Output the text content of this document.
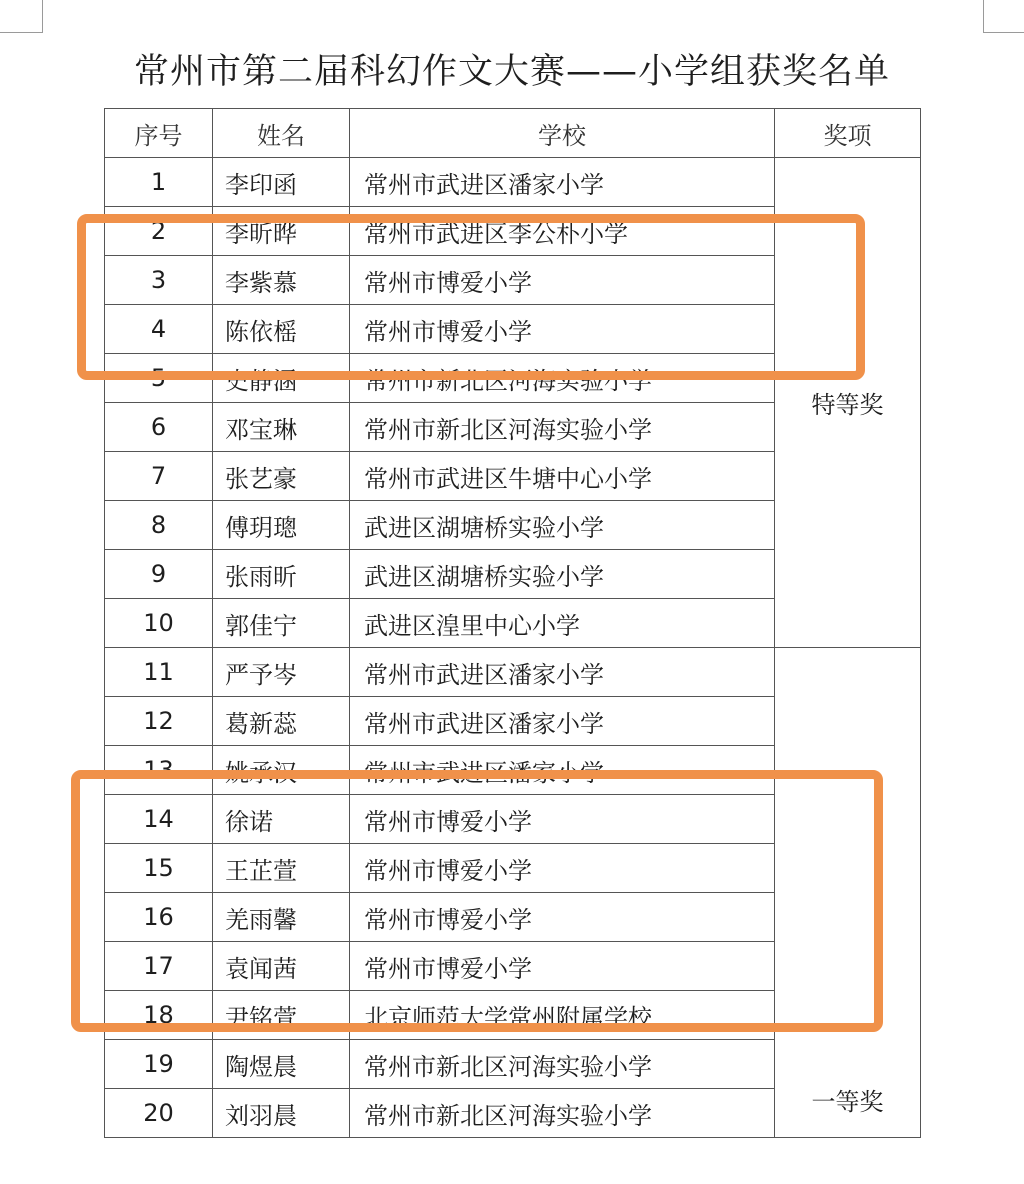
常州市第二届科幻作文大赛——小学组获奖名单
序号	姓名	学校	奖项
1	李印函	常州市武进区潘家小学	特等奖
2	李昕晔	常州市武进区李公朴小学	
3	李紫慕	常州市博爱小学	
4	陈依榣	常州市博爱小学	
5	史静涵	常州市新北区河海实验小学	
6	邓宝琳	常州市新北区河海实验小学	
7	张艺豪	常州市武进区牛塘中心小学	
8	傅玥璁	武进区湖塘桥实验小学	
9	张雨昕	武进区湖塘桥实验小学	
10	郭佳宁	武进区湟里中心小学	
11	严予岑	常州市武进区潘家小学	一等奖
12	葛新蕊	常州市武进区潘家小学	
13	姚承汉	常州市武进区潘家小学	
14	徐诺	常州市博爱小学	
15	王芷萱	常州市博爱小学	
16	羌雨馨	常州市博爱小学	
17	袁闻茜	常州市博爱小学	
18	尹铭萱	北京师范大学常州附属学校	
19	陶煜晨	常州市新北区河海实验小学	
20	刘羽晨	常州市新北区河海实验小学	
